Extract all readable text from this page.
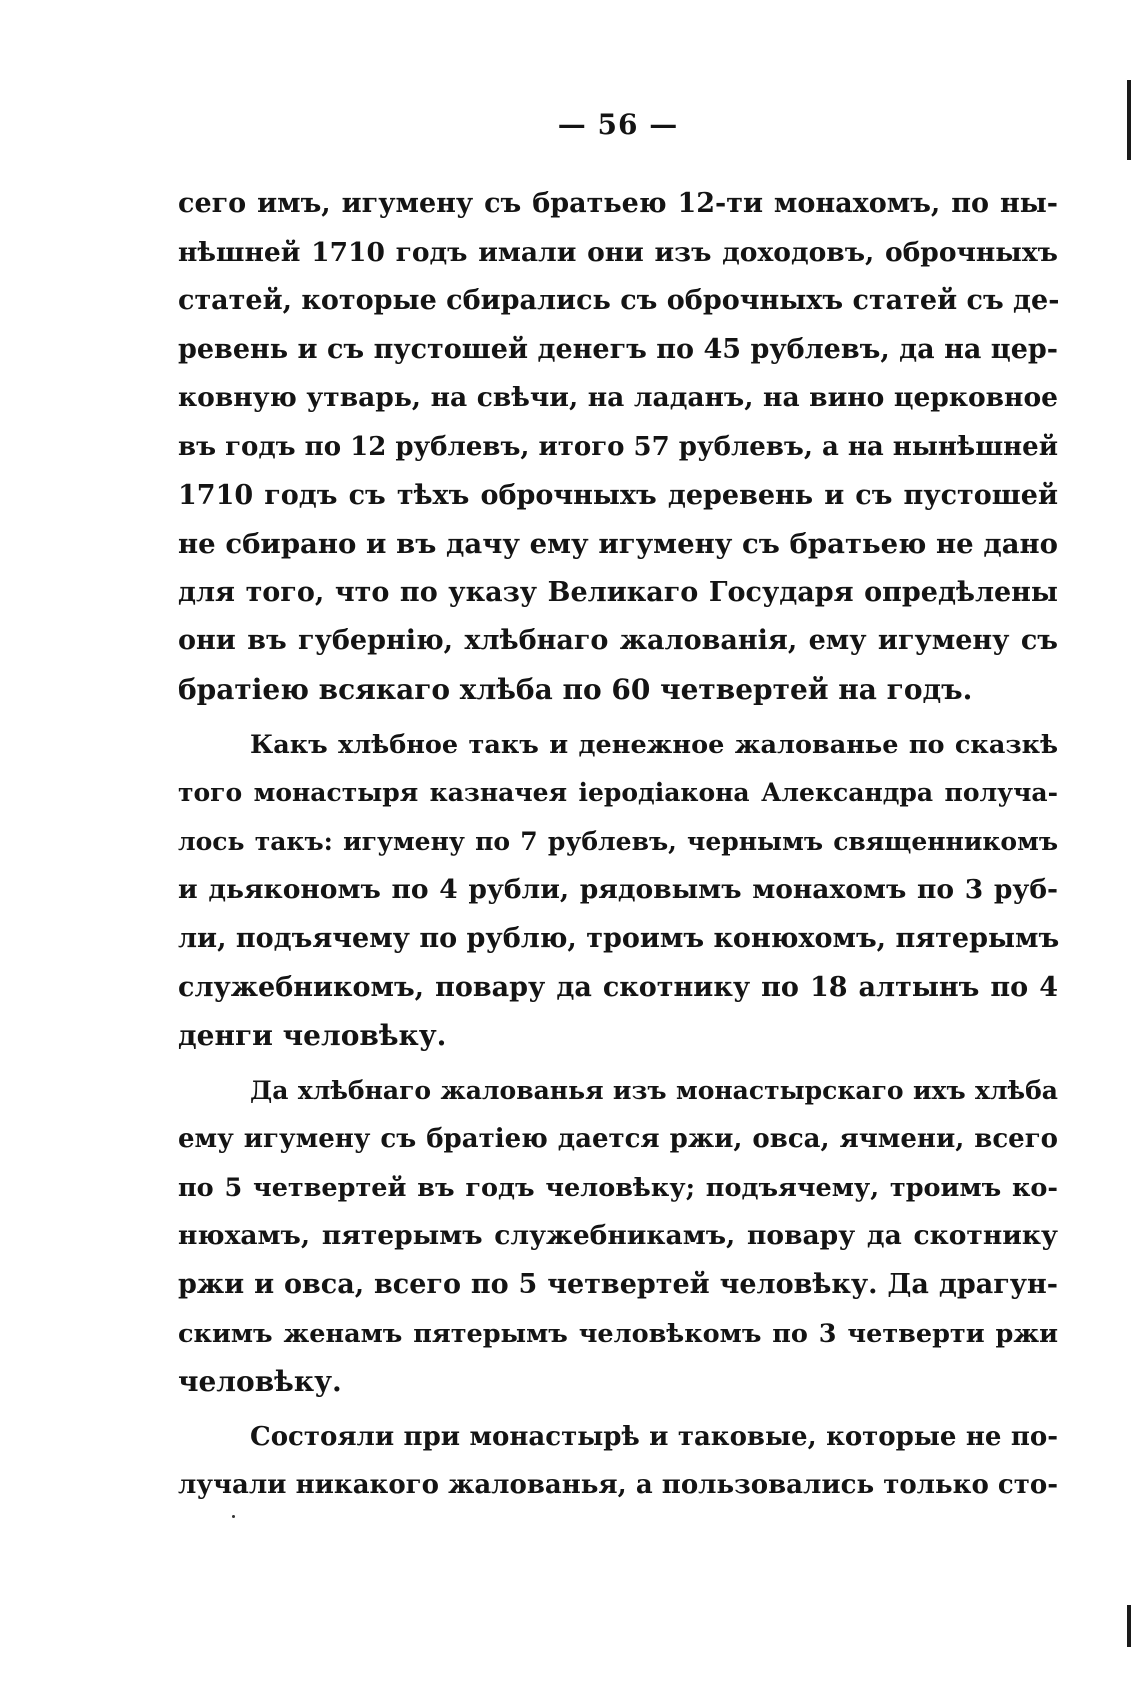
— 56 —
сего имъ, игумену съ братьею 12-ти монахомъ, по ны-
нѣшней 1710 годъ имали они изъ доходовъ, оброчныхъ
статей, которые сбирались съ оброчныхъ статей съ де-
ревень и съ пустошей денегъ по 45 рублевъ, да на цер-
ковную утварь, на свѣчи, на ладанъ, на вино церковное
въ годъ по 12 рублевъ, итого 57 рублевъ, а на нынѣшней
1710 годъ съ тѣхъ оброчныхъ деревень и съ пустошей
не сбирано и въ дачу ему игумену съ братьею не дано
для того, что по указу Великаго Государя опредѣлены
они въ губернію, хлѣбнаго жалованія, ему игумену съ
братіею всякаго хлѣба по 60 четвертей на годъ.
Какъ хлѣбное такъ и денежное жалованье по сказкѣ
того монастыря казначея іеродіакона Александра получа-
лось такъ: игумену по 7 рублевъ, чернымъ священникомъ
и дьякономъ по 4 рубли, рядовымъ монахомъ по 3 руб-
ли, подъячему по рублю, троимъ конюхомъ, пятерымъ
служебникомъ, повару да скотнику по 18 алтынъ по 4
денги человѣку.
Да хлѣбнаго жалованья изъ монастырскаго ихъ хлѣба
ему игумену съ братіею дается ржи, овса, ячмени, всего
по 5 четвертей въ годъ человѣку; подъячему, троимъ ко-
нюхамъ, пятерымъ служебникамъ, повару да скотнику
ржи и овса, всего по 5 четвертей человѣку. Да драгун-
скимъ женамъ пятерымъ человѣкомъ по 3 четверти ржи
человѣку.
Состояли при монастырѣ и таковые, которые не по-
лучали никакого жалованья, а пользовались только сто-
